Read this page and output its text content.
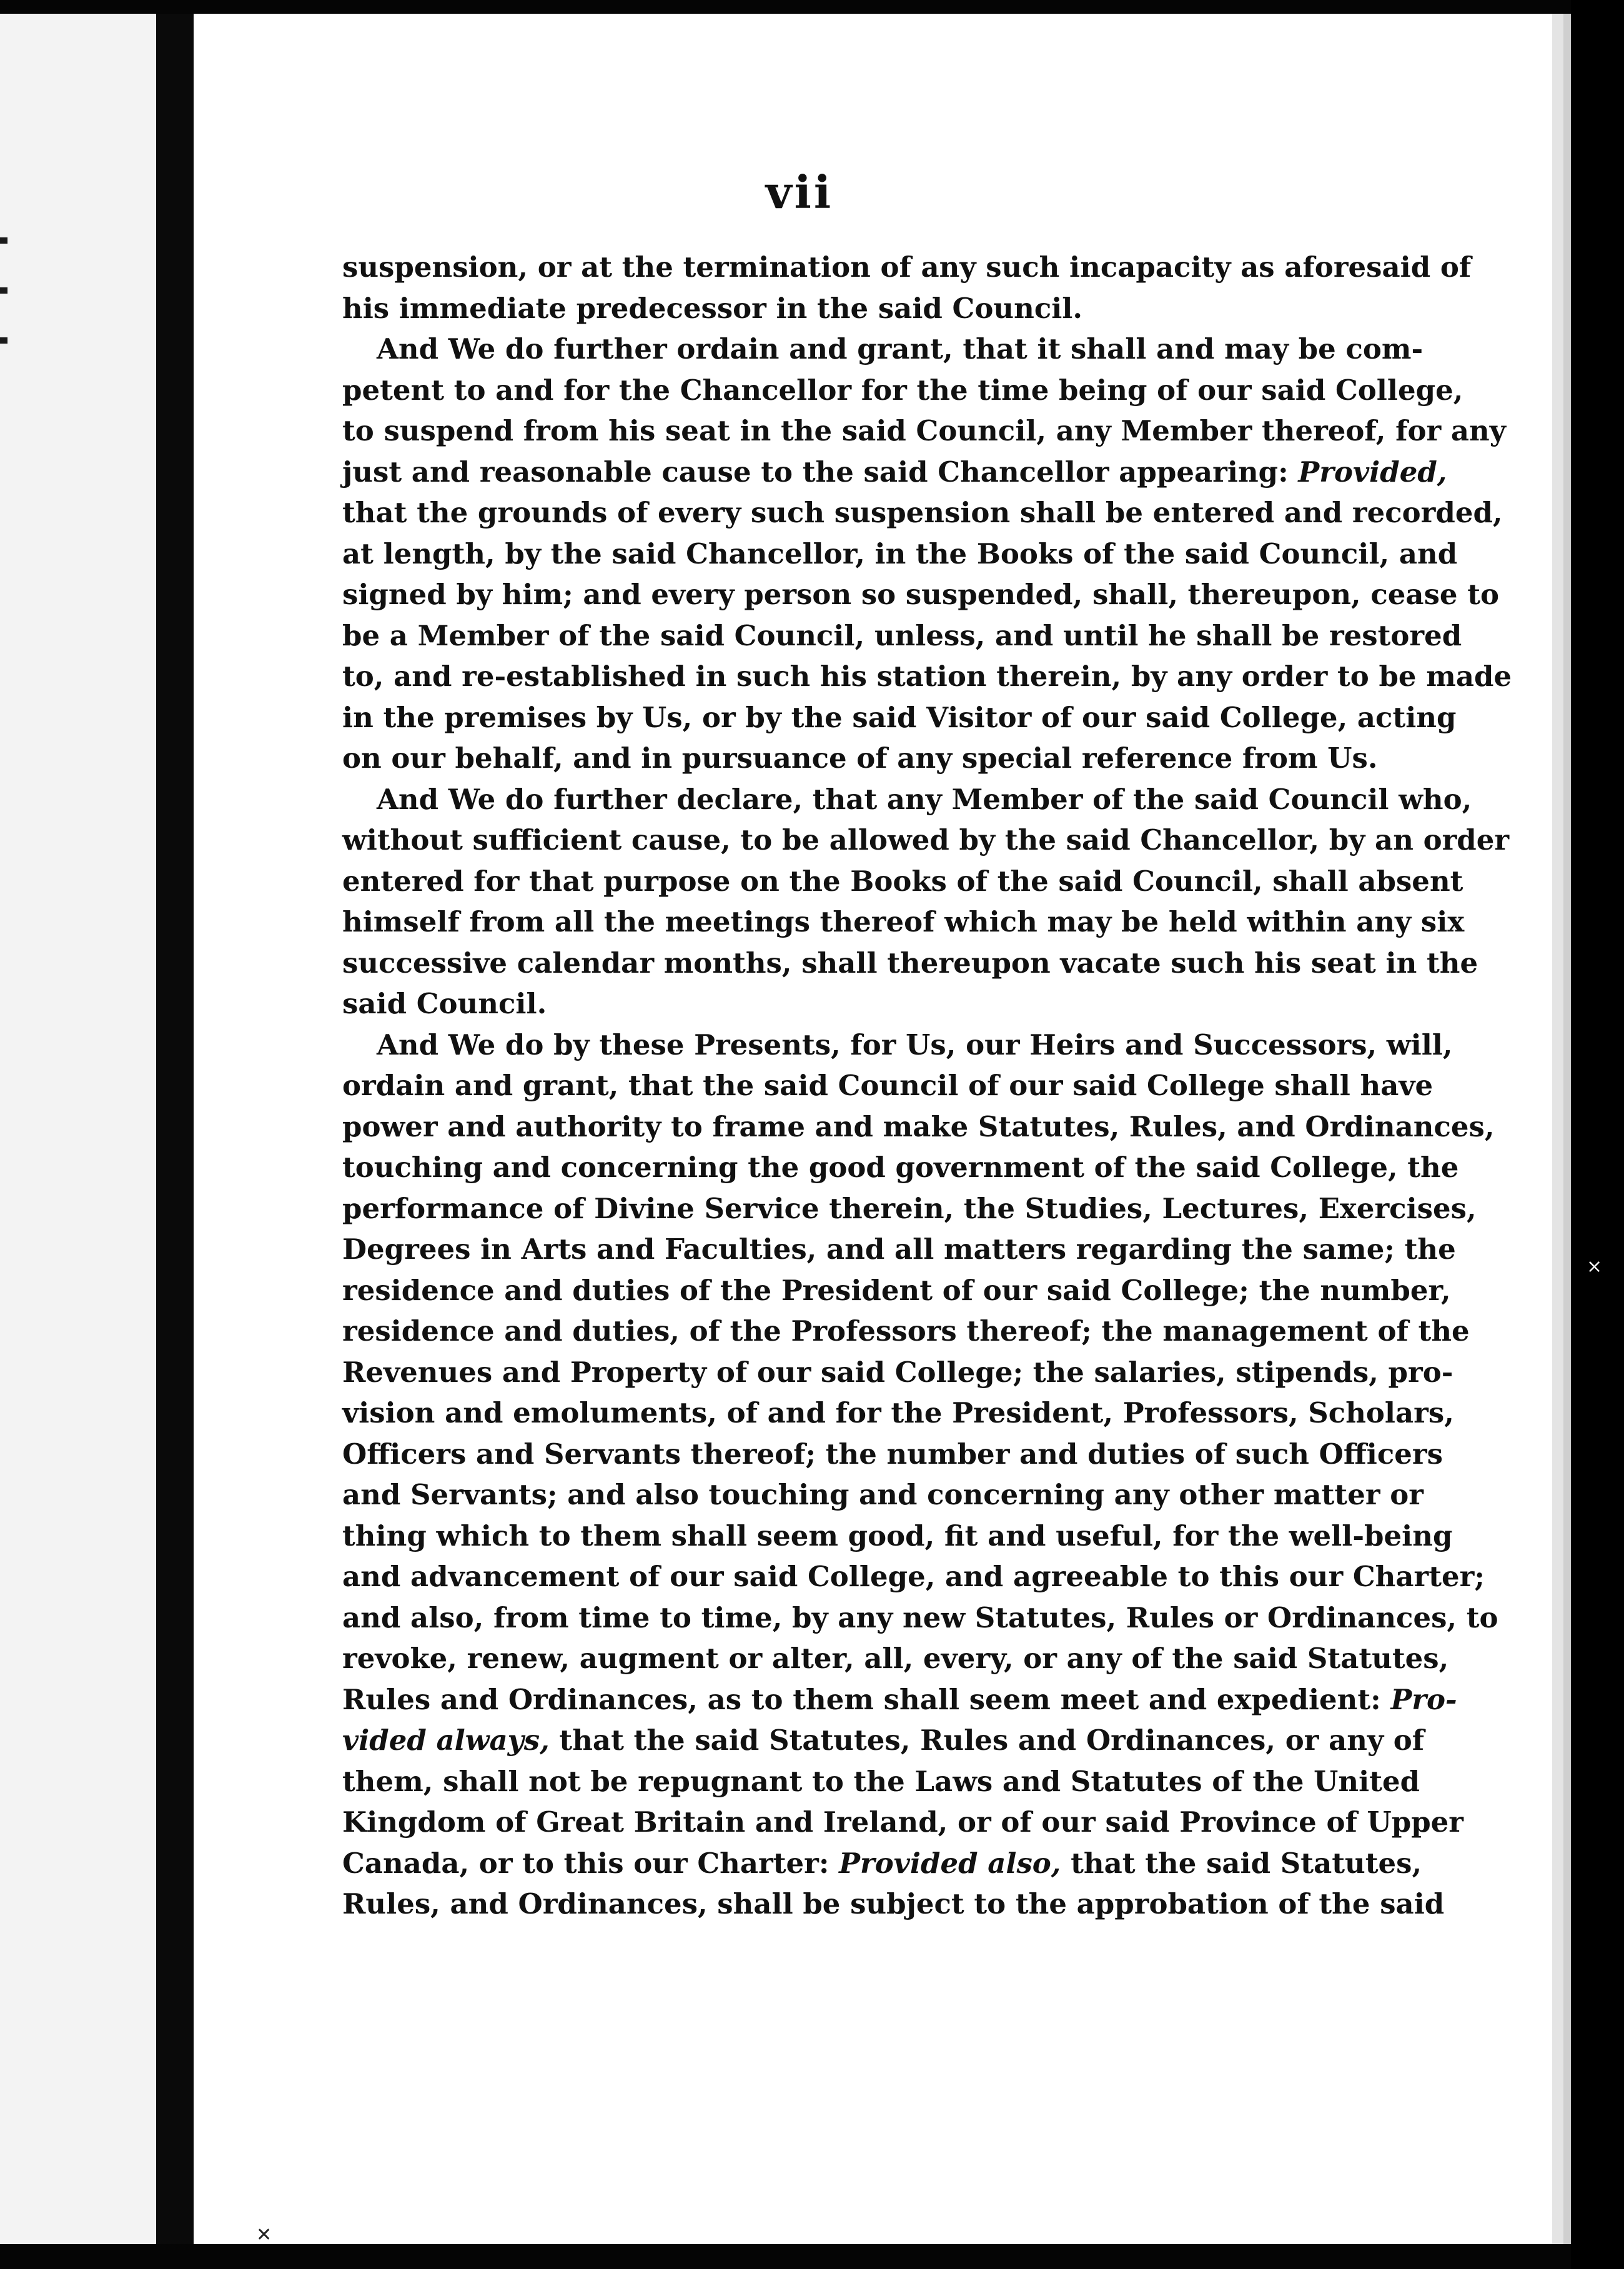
✕
×
vii
suspension, or at the termination of any such incapacity as aforesaid of
his immediate predecessor in the said Council.
And We do further ordain and grant, that it shall and may be com-
petent to and for the Chancellor for the time being of our said College,
to suspend from his seat in the said Council, any Member thereof, for any
just and reasonable cause to the said Chancellor appearing: Provided,
that the grounds of every such suspension shall be entered and recorded,
at length, by the said Chancellor, in the Books of the said Council, and
signed by him; and every person so suspended, shall, thereupon, cease to
be a Member of the said Council, unless, and until he shall be restored
to, and re-established in such his station therein, by any order to be made
in the premises by Us, or by the said Visitor of our said College, acting
on our behalf, and in pursuance of any special reference from Us.
And We do further declare, that any Member of the said Council who,
without sufficient cause, to be allowed by the said Chancellor, by an order
entered for that purpose on the Books of the said Council, shall absent
himself from all the meetings thereof which may be held within any six
successive calendar months, shall thereupon vacate such his seat in the
said Council.
And We do by these Presents, for Us, our Heirs and Successors, will,
ordain and grant, that the said Council of our said College shall have
power and authority to frame and make Statutes, Rules, and Ordinances,
touching and concerning the good government of the said College, the
performance of Divine Service therein, the Studies, Lectures, Exercises,
Degrees in Arts and Faculties, and all matters regarding the same; the
residence and duties of the President of our said College; the number,
residence and duties, of the Professors thereof; the management of the
Revenues and Property of our said College; the salaries, stipends, pro-
vision and emoluments, of and for the President, Professors, Scholars,
Officers and Servants thereof; the number and duties of such Officers
and Servants; and also touching and concerning any other matter or
thing which to them shall seem good, fit and useful, for the well-being
and advancement of our said College, and agreeable to this our Charter;
and also, from time to time, by any new Statutes, Rules or Ordinances, to
revoke, renew, augment or alter, all, every, or any of the said Statutes,
Rules and Ordinances, as to them shall seem meet and expedient: Pro-
vided always, that the said Statutes, Rules and Ordinances, or any of
them, shall not be repugnant to the Laws and Statutes of the United
Kingdom of Great Britain and Ireland, or of our said Province of Upper
Canada, or to this our Charter: Provided also, that the said Statutes,
Rules, and Ordinances, shall be subject to the approbation of the said
